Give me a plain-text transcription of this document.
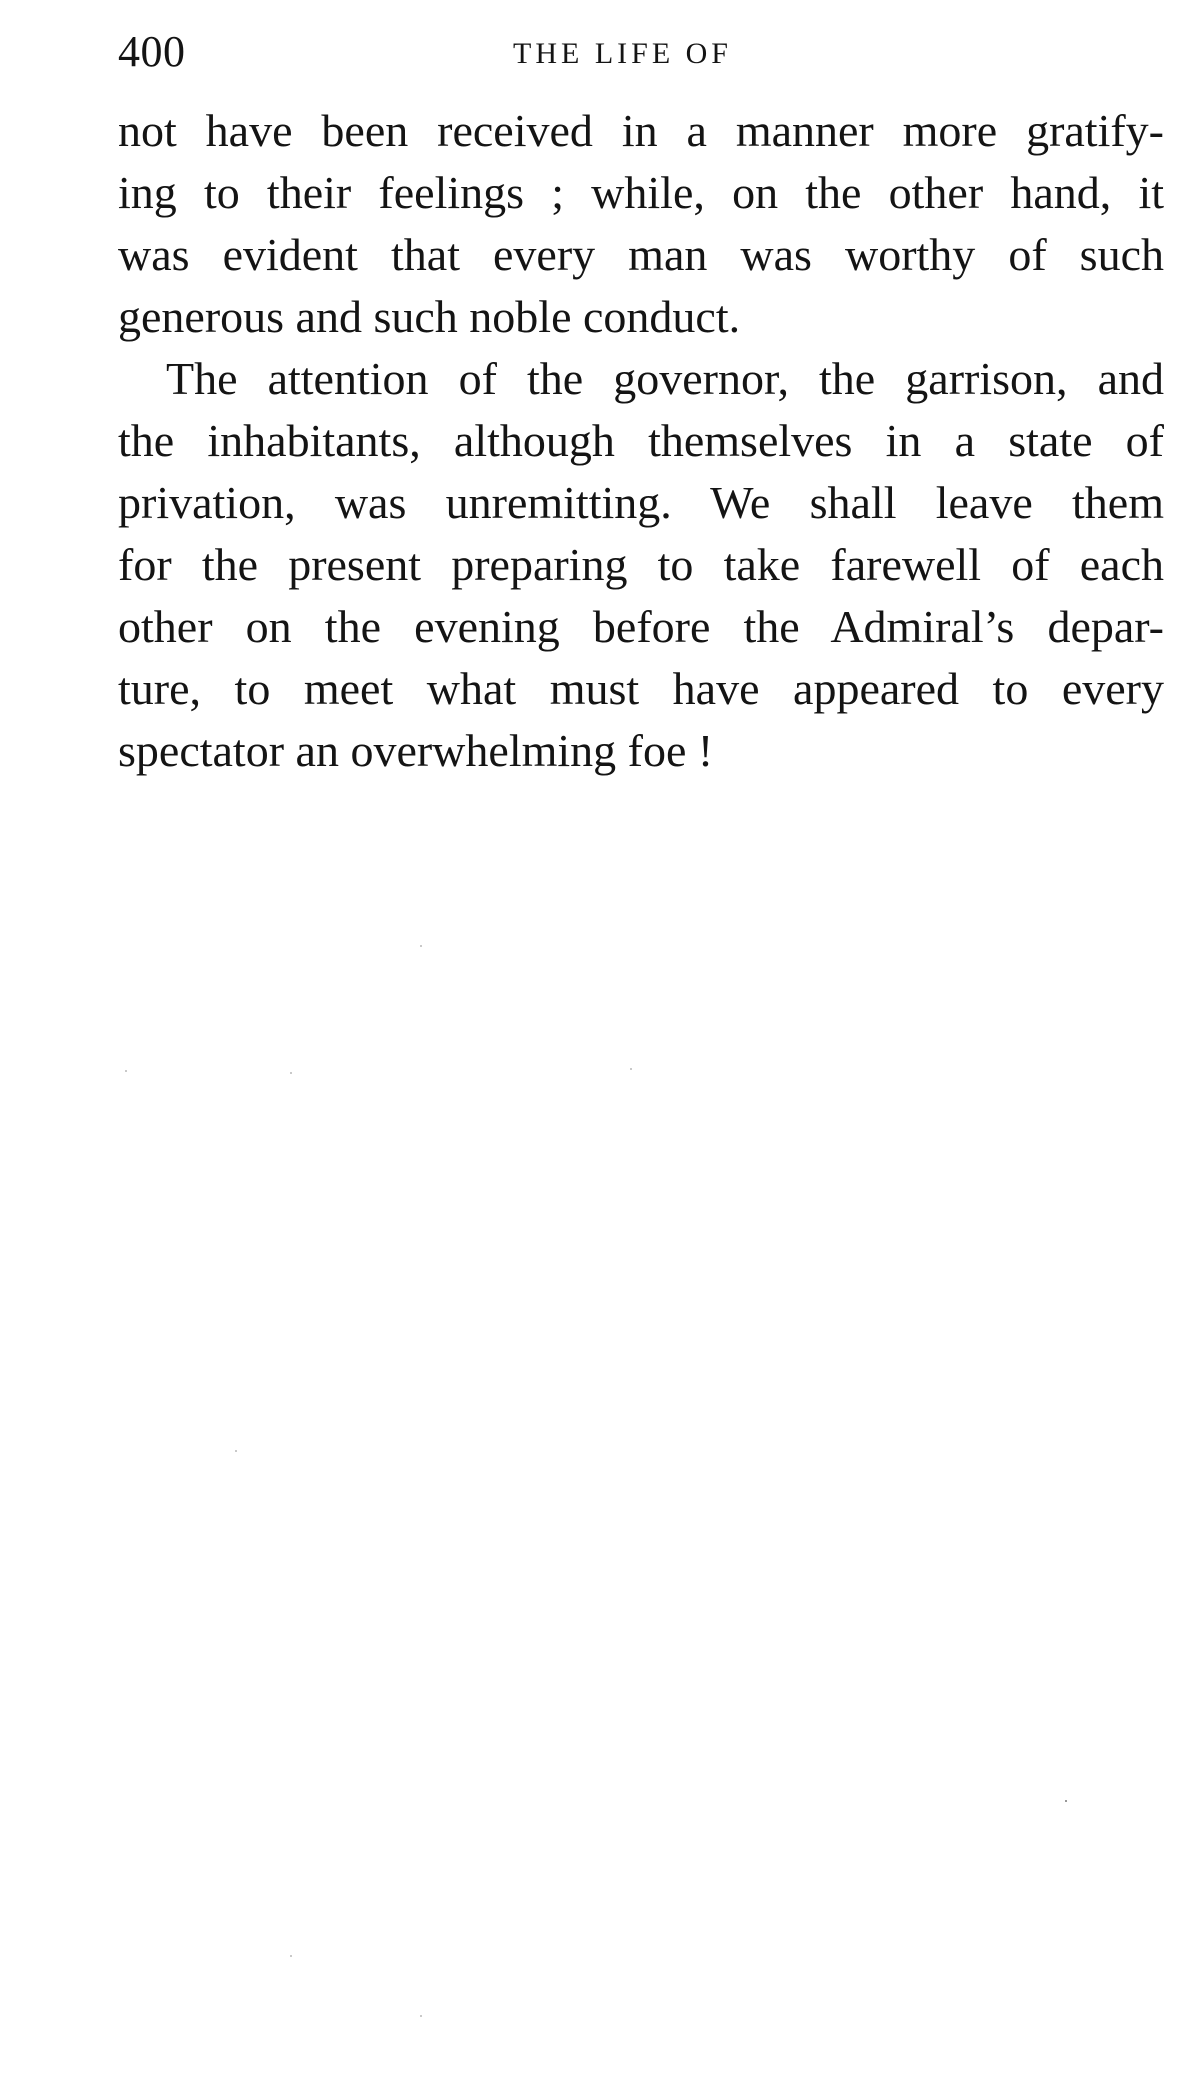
400	THE LIFE OF
not have been received in a manner more gratify-
ing to their feelings ; while, on the other hand, it
was evident that every man was worthy of such
generous and such noble conduct.
The attention of the governor, the garrison, and
the inhabitants, although themselves in a state of
privation, was unremitting. We shall leave them
for the present preparing to take farewell of each
other on the evening before the Admiral’s depar-
ture, to meet what must have appeared to every
spectator an overwhelming foe !
